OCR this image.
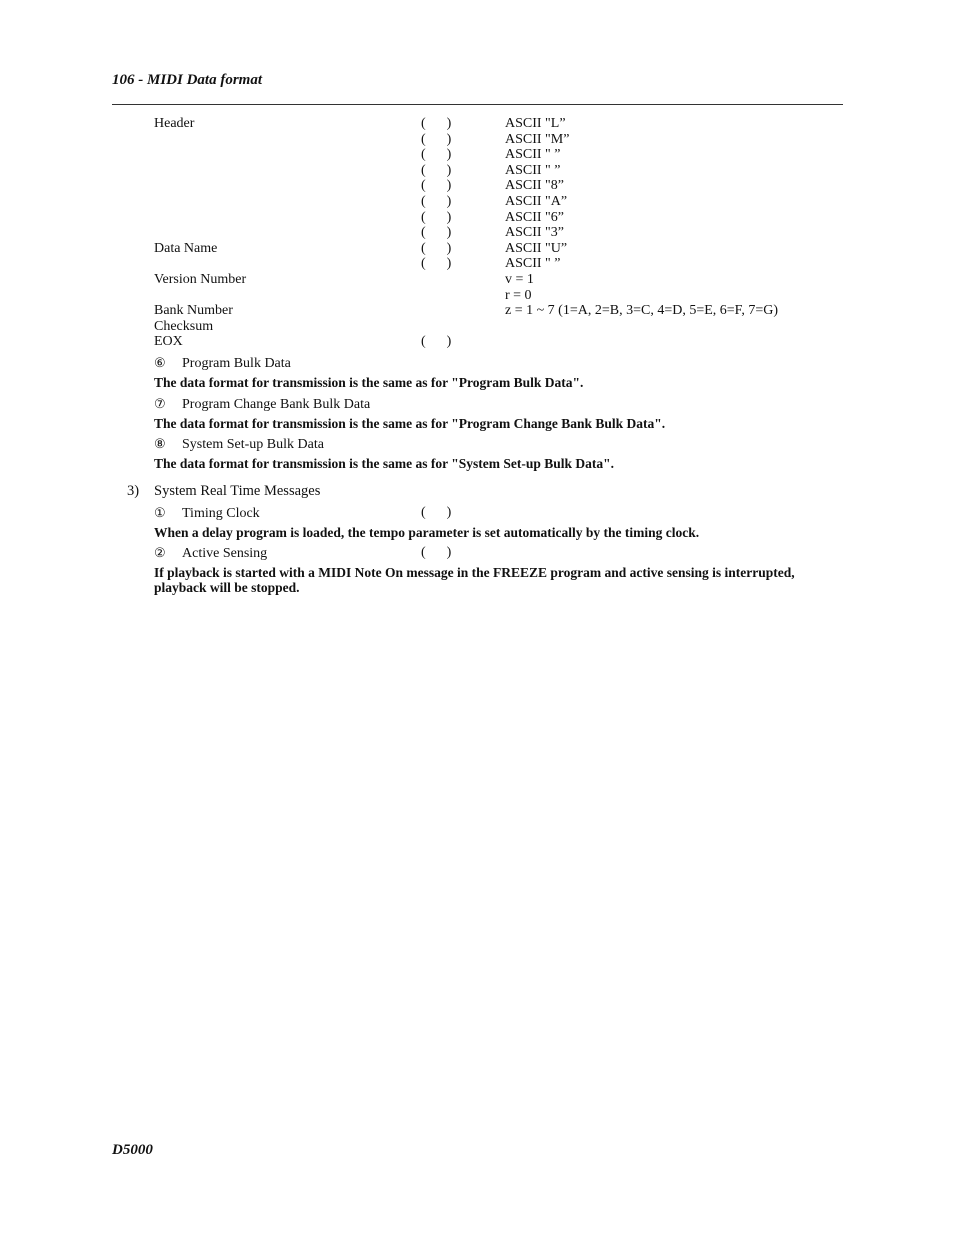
106 - MIDI Data format
Header	(      )	ASCII "L”
(      )	ASCII "M”
(      )	ASCII " ”
(      )	ASCII " ”
(      )	ASCII "8”
(      )	ASCII "A”
(      )	ASCII "6”
(      )	ASCII "3”
Data Name	(      )	ASCII "U”
(      )	ASCII " ”
Version Number	v = 1
r = 0
Bank Number	z = 1 ~ 7 (1=A, 2=B, 3=C, 4=D, 5=E, 6=F, 7=G)
Checksum
EOX	(      )
⑥ Program Bulk Data
The data format for transmission is the same as for "Program Bulk Data".
⑦ Program Change Bank Bulk Data
The data format for transmission is the same as for "Program Change Bank Bulk Data".
⑧ System Set-up Bulk Data
The data format for transmission is the same as for "System Set-up Bulk Data".
3) System Real Time Messages
① Timing Clock	(      )
When a delay program is loaded, the tempo parameter is set automatically by the timing clock.
② Active Sensing	(      )
If playback is started with a MIDI Note On message in the FREEZE program and active sensing is interrupted, playback will be stopped.
D5000
